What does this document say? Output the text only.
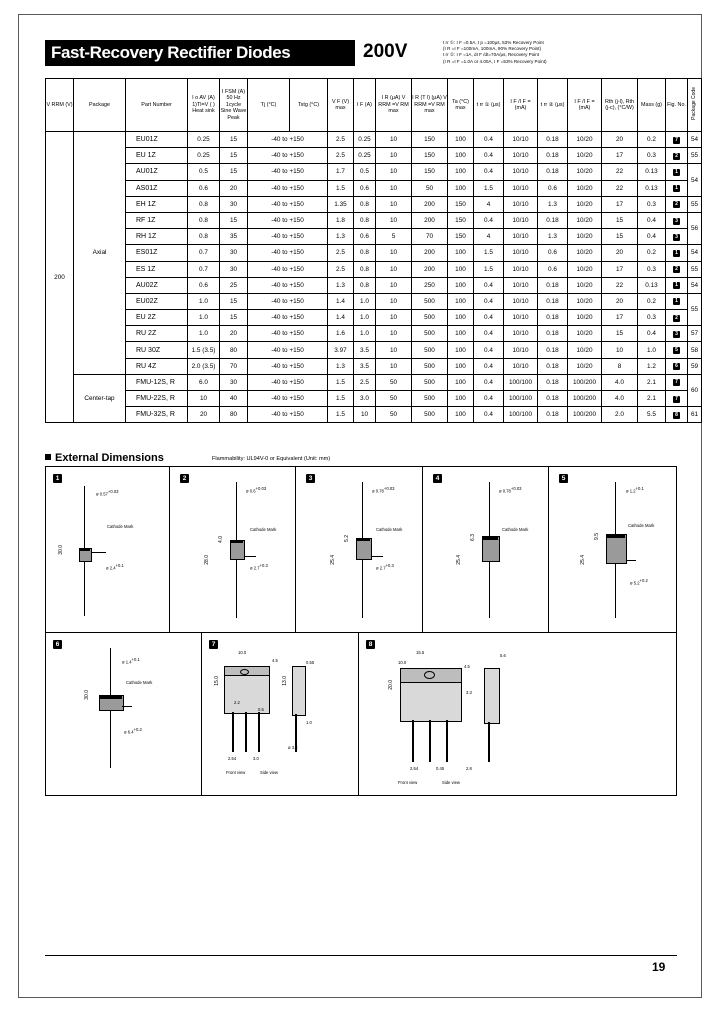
Fast-Recovery Rectifier Diodes	200V	t rr ①: I F =0.5A, t p =100μs, 53% Recovery Point
(I R =I F =100mA, 100mA, 90% Recovery Point)
t rr ②: I F =1A, dI F /dt=70A/μs, Recovery Point
(I R =I F =1.0A or 4.00A, I F =53% Recovery Point)
V RRM (V)	Package	Part Number	I o AV (A) 1)Tl=V ( ) Heat sink	I FSM (A) 50 Hz 1cycle Sine Wave Peak	Tj (°C)	Tstg (°C)	V F (V) max	I F (A)	I R (μA) V RRM =V RM max	I R (T l) (μA) V RRM =V RM max	Ta (°C) max	t rr ① (μs)	I F /I F = (mA)	t rr ② (μs)	I F /I F = (mA)	Rth (j-l), Rth (j-c), (°C/W)	Mass (g)	Fig. No.	Package Code
200	Axial	EU01Z	0.25	15	-40 to +150		2.5	0.25	10	150	100	0.4	10/10	0.18	10/20	20	0.2	7	54
		EU 1Z	0.25	15	-40 to +150		2.5	0.25	10	150	100	0.4	10/10	0.18	10/20	17	0.3	2	55
		AU01Z	0.5	15	-40 to +150		1.7	0.5	10	150	100	0.4	10/10	0.18	10/20	22	0.13	1	54
		AS01Z	0.6	20	-40 to +150		1.5	0.6	10	50	100	1.5	10/10	0.6	10/20	22	0.13	1	
		EH 1Z	0.8	30	-40 to +150		1.35	0.8	10	200	150	4	10/10	1.3	10/20	17	0.3	2	55
		RF 1Z	0.8	15	-40 to +150		1.8	0.8	10	200	150	0.4	10/10	0.18	10/20	15	0.4	3	56
		RH 1Z	0.8	35	-40 to +150		1.3	0.6	5	70	150	4	10/10	1.3	10/20	15	0.4	3	
		ES01Z	0.7	30	-40 to +150		2.5	0.8	10	200	100	1.5	10/10	0.6	10/20	20	0.2	1	54
		ES 1Z	0.7	30	-40 to +150		2.5	0.8	10	200	100	1.5	10/10	0.6	10/20	17	0.3	2	55
		AU02Z	0.6	25	-40 to +150		1.3	0.8	10	250	100	0.4	10/10	0.18	10/20	22	0.13	1	54
		EU02Z	1.0	15	-40 to +150		1.4	1.0	10	500	100	0.4	10/10	0.18	10/20	20	0.2	1	55
		EU 2Z	1.0	15	-40 to +150		1.4	1.0	10	500	100	0.4	10/10	0.18	10/20	17	0.3	2	
		RU 2Z	1.0	20	-40 to +150		1.6	1.0	10	500	100	0.4	10/10	0.18	10/20	15	0.4	3	57
		RU 30Z	1.5 (3.5)	80	-40 to +150		3.97	3.5	10	500	100	0.4	10/10	0.18	10/20	10	1.0	5	58
		RU 4Z	2.0 (3.5)	70	-40 to +150		1.3	3.5	10	500	100	0.4	10/10	0.18	10/20	8	1.2	6	59
	Center-tap	FMU-12S, R	6.0	30	-40 to +150		1.5	2.5	50	500	100	0.4	100/100	0.18	100/200	4.0	2.1	7	60
		FMU-22S, R	10	40	-40 to +150		1.5	3.0	50	500	100	0.4	100/100	0.18	100/200	4.0	2.1	7	
		FMU-32S, R	20	80	-40 to +150		1.5	10	50	500	100	0.4	100/100	0.18	100/200	2.0	5.5	8	61
External Dimensions	Flammability: UL94V-0 or Equivalent (Unit: mm)
1
ø 0.57+0.03
Cathode Mark
ø 2.4+0.1
30.0
2
ø 0.6+0.03
Cathode Mark
4.0
ø 2.7+0.3
28.0
3
ø 0.78+0.03
Cathode Mark
5.2
ø 2.7+0.3
25.4
4
ø 0.78+0.03
Cathode Mark
6.3
25.4
5
ø 1.2+0.1
Cathode Mark
9.5
ø 5.2+0.2
25.4
6
ø 1.4+0.1
Cathode Mark
ø 6.4+0.2
30.0
7
10.0
4.5
2.2
0.5
2.54	3.0
15.0	13.0
0.55
1.0
ø 3.2
Front view	Side view
8
15.5
4.5
20.0
2.54	0.45	2.8
5.6
3.3
10.0
Front view	Side view
19
